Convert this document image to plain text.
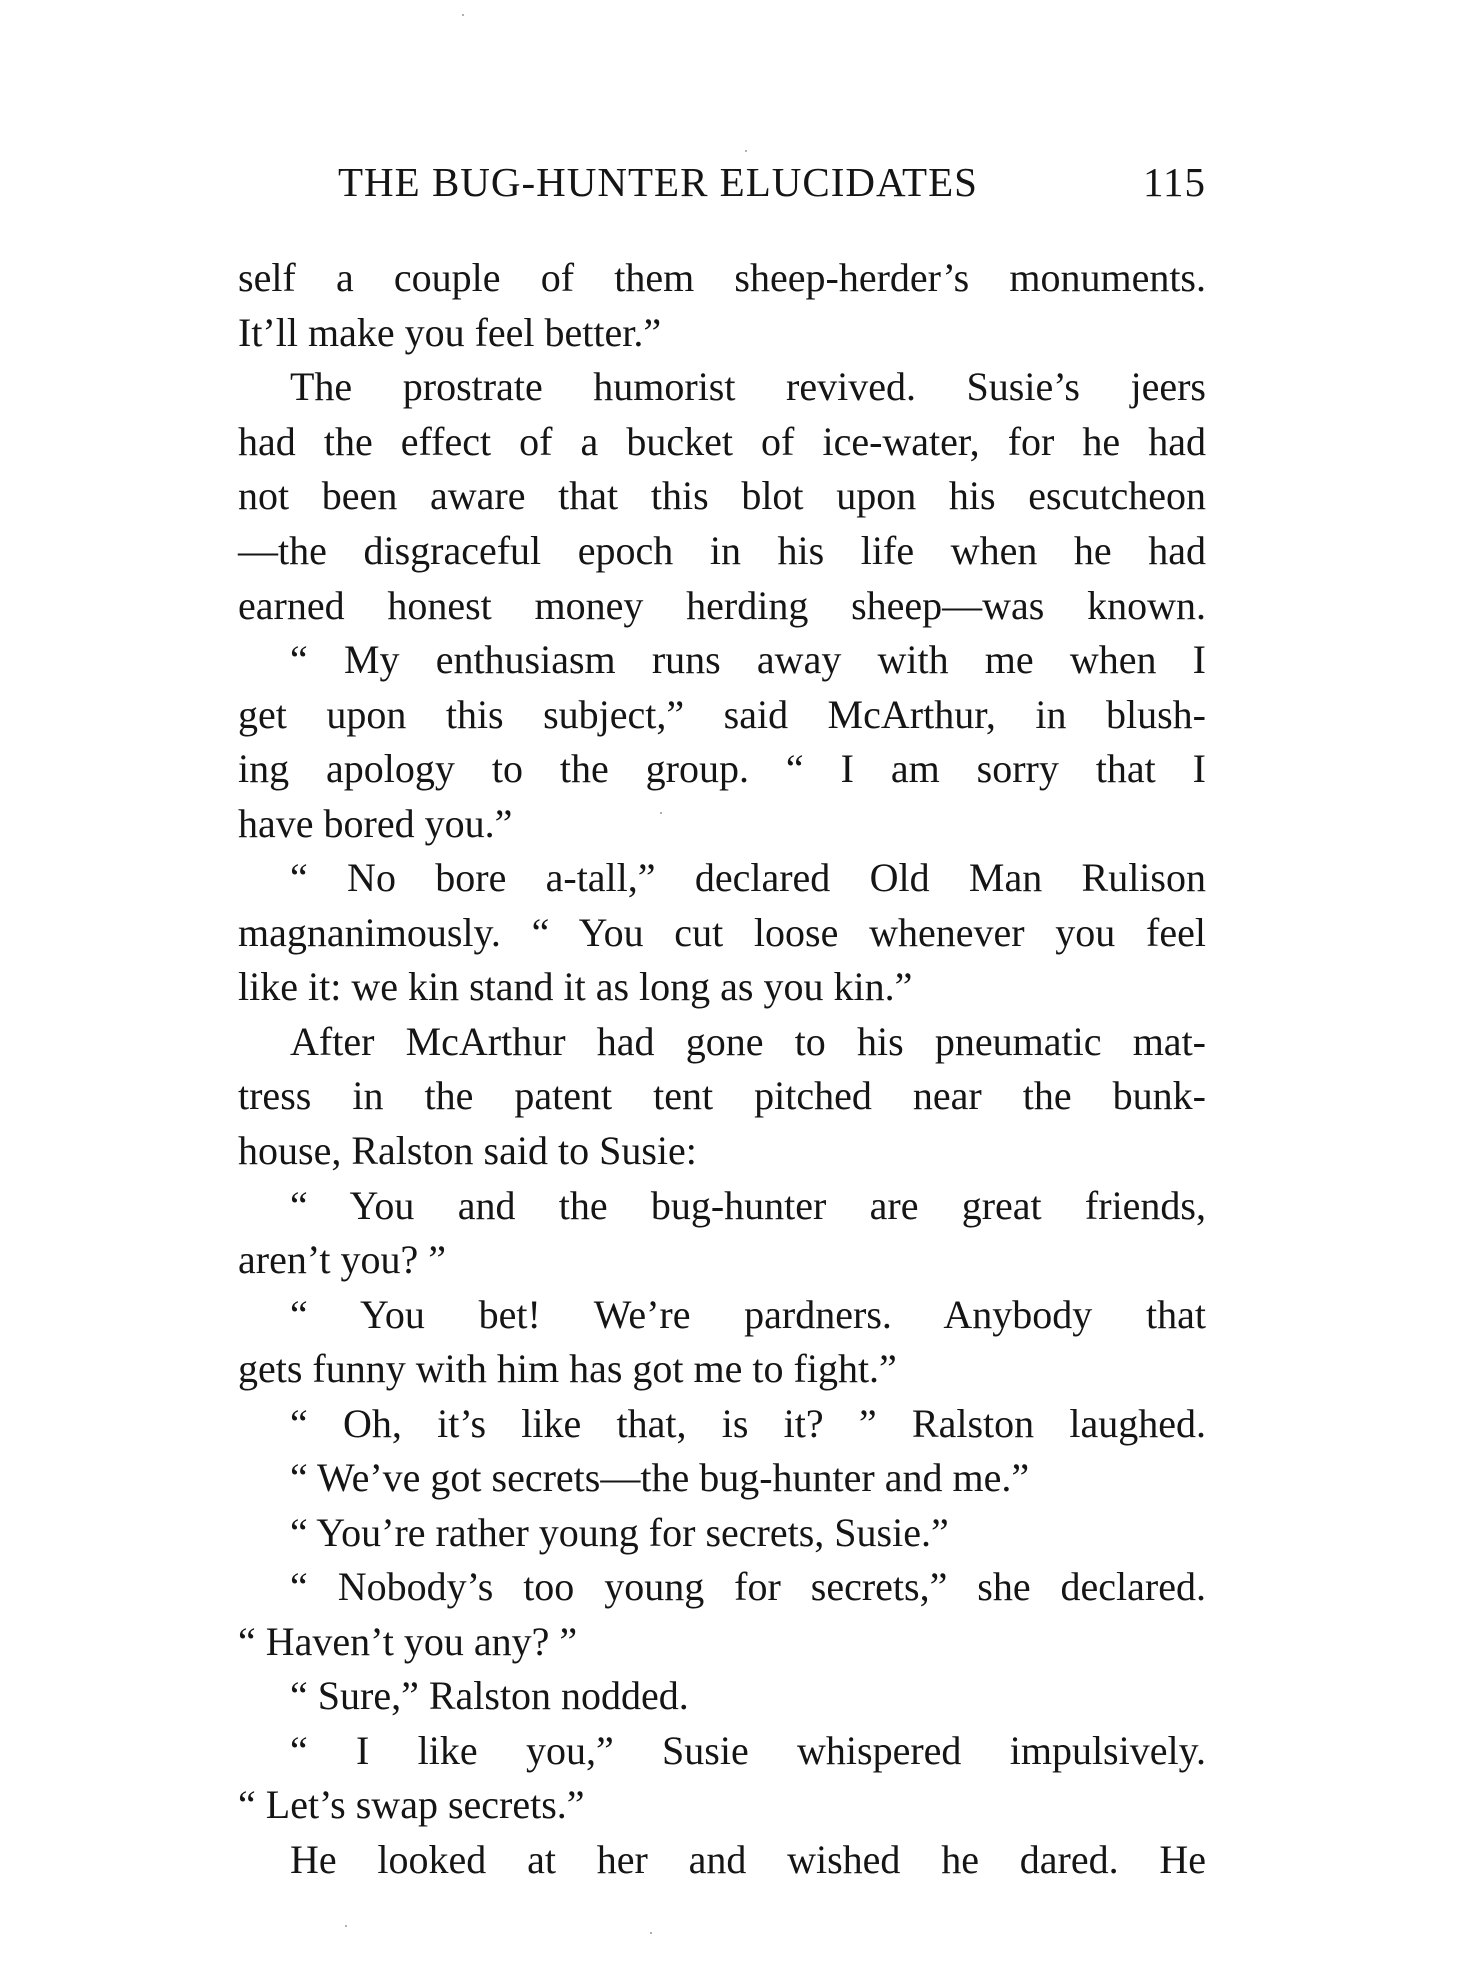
THE BUG-HUNTER ELUCIDATES	115
self a couple of them sheep-herder’s monuments.
It’ll make you feel better.”
The prostrate humorist revived. Susie’s jeers
had the effect of a bucket of ice-water, for he had
not been aware that this blot upon his escutcheon
—the disgraceful epoch in his life when he had
earned honest money herding sheep—was known.
“ My enthusiasm runs away with me when I
get upon this subject,” said McArthur, in blush-
ing apology to the group. “ I am sorry that I
have bored you.”
“ No bore a-tall,” declared Old Man Rulison
magnanimously. “ You cut loose whenever you feel
like it: we kin stand it as long as you kin.”
After McArthur had gone to his pneumatic mat-
tress in the patent tent pitched near the bunk-
house, Ralston said to Susie:
“ You and the bug-hunter are great friends,
aren’t you? ”
“ You bet! We’re pardners. Anybody that
gets funny with him has got me to fight.”
“ Oh, it’s like that, is it? ” Ralston laughed.
“ We’ve got secrets—the bug-hunter and me.”
“ You’re rather young for secrets, Susie.”
“ Nobody’s too young for secrets,” she declared.
“ Haven’t you any? ”
“ Sure,” Ralston nodded.
“ I like you,” Susie whispered impulsively.
“ Let’s swap secrets.”
He looked at her and wished he dared. He
